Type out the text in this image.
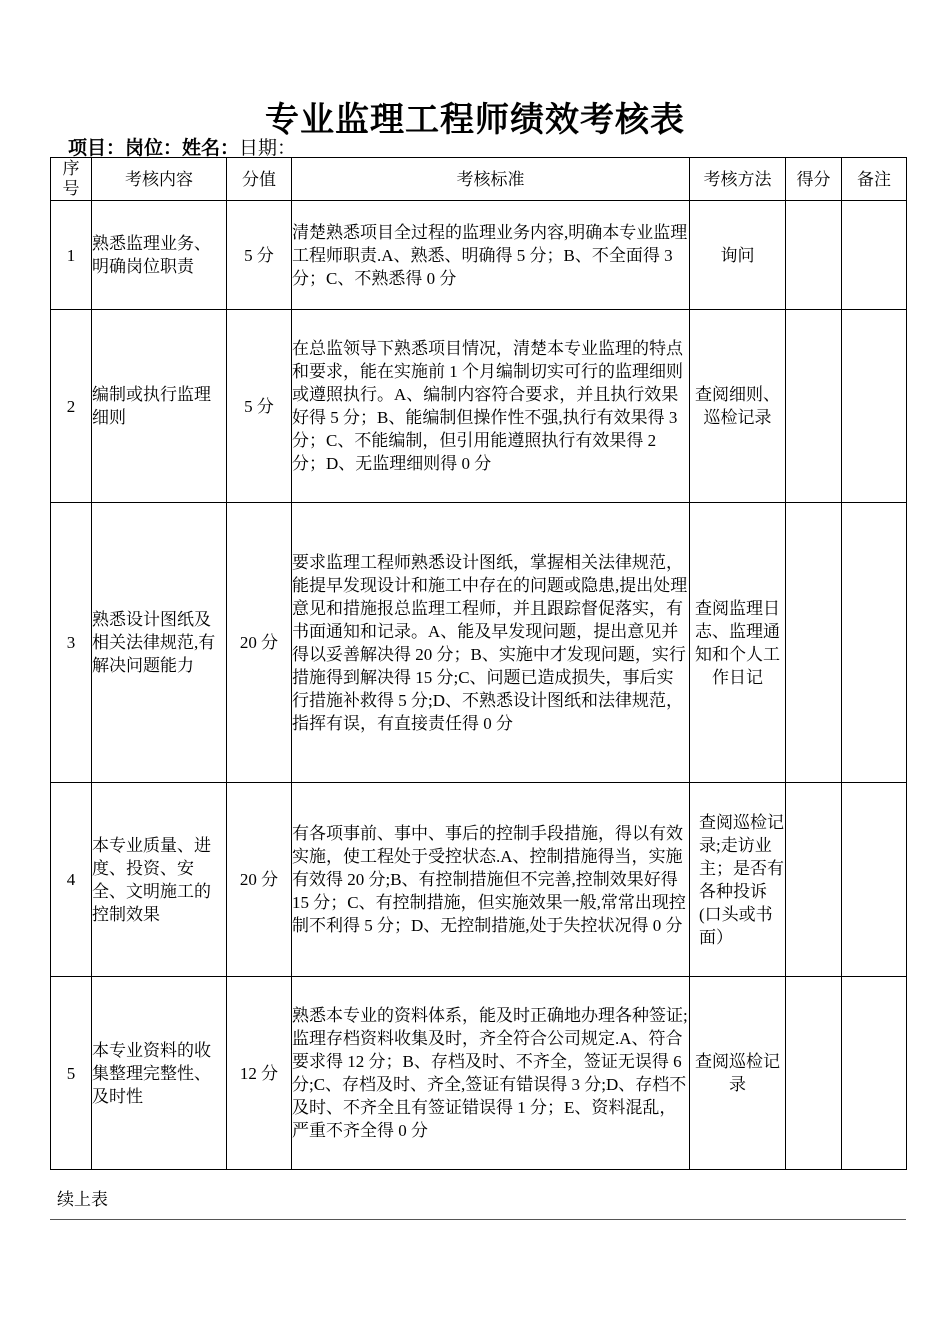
专业监理工程师绩效考核表
项目：岗位：姓名：日期：
序号	考核内容	分值	考核标准	考核方法	得分	备注
1	熟悉监理业务、明确岗位职责	5 分	清楚熟悉项目全过程的监理业务内容,明确本专业监理工程师职责.A、熟悉、明确得 5 分；B、不全面得 3 分；C、不熟悉得 0 分	询问		
2	编制或执行监理细则	5 分	在总监领导下熟悉项目情况，清楚本专业监理的特点和要求，能在实施前 1 个月编制切实可行的监理细则或遵照执行。A、编制内容符合要求，并且执行效果好得 5 分；B、能编制但操作性不强,执行有效果得 3 分；C、不能编制，但引用能遵照执行有效果得 2 分；D、无监理细则得 0 分	查阅细则、巡检记录		
3	熟悉设计图纸及相关法律规范,有解决问题能力	20 分	要求监理工程师熟悉设计图纸，掌握相关法律规范，能提早发现设计和施工中存在的问题或隐患,提出处理意见和措施报总监理工程师，并且跟踪督促落实，有书面通知和记录。A、能及早发现问题，提出意见并得以妥善解决得 20 分；B、实施中才发现问题，实行措施得到解决得 15 分;C、问题已造成损失，事后实行措施补救得 5 分;D、不熟悉设计图纸和法律规范，指挥有误，有直接责任得 0 分	查阅监理日志、监理通知和个人工作日记		
4	本专业质量、进度、投资、安全、文明施工的控制效果	20 分	有各项事前、事中、事后的控制手段措施，得以有效实施，使工程处于受控状态.A、控制措施得当，实施有效得 20 分;B、有控制措施但不完善,控制效果好得 15 分；C、有控制措施，但实施效果一般,常常出现控制不利得 5 分；D、无控制措施,处于失控状况得 0 分	查阅巡检记录;走访业主；是否有各种投诉(口头或书面）		
5	本专业资料的收集整理完整性、及时性	12 分	熟悉本专业的资料体系，能及时正确地办理各种签证;监理存档资料收集及时，齐全符合公司规定.A、符合要求得 12 分；B、存档及时、不齐全，签证无误得 6 分;C、存档及时、齐全,签证有错误得 3 分;D、存档不及时、不齐全且有签证错误得 1 分；E、资料混乱，严重不齐全得 0 分	查阅巡检记录		
续上表
